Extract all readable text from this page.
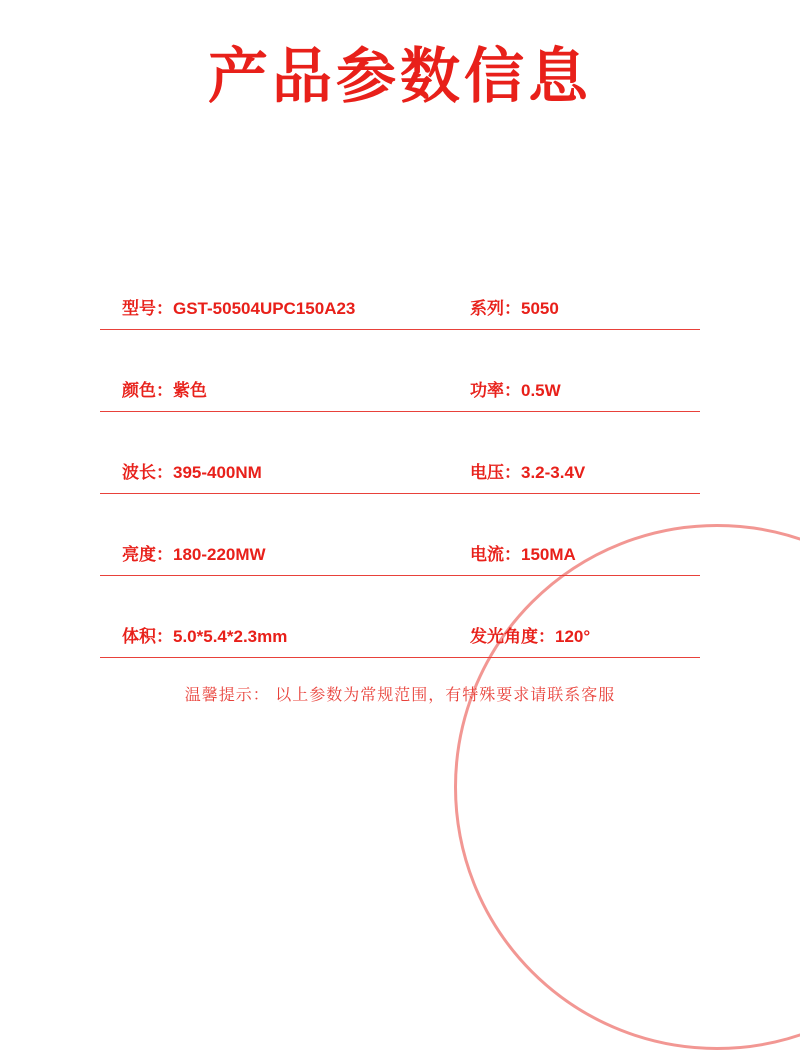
产品参数信息
型号：GST-50504UPC150A23	系列：5050
颜色：紫色	功率：0.5W
波长：395-400NM	电压：3.2-3.4V
亮度：180-220MW	电流：150MA
体积：5.0*5.4*2.3mm	发光角度：120°
温馨提示： 以上参数为常规范围，有特殊要求请联系客服
